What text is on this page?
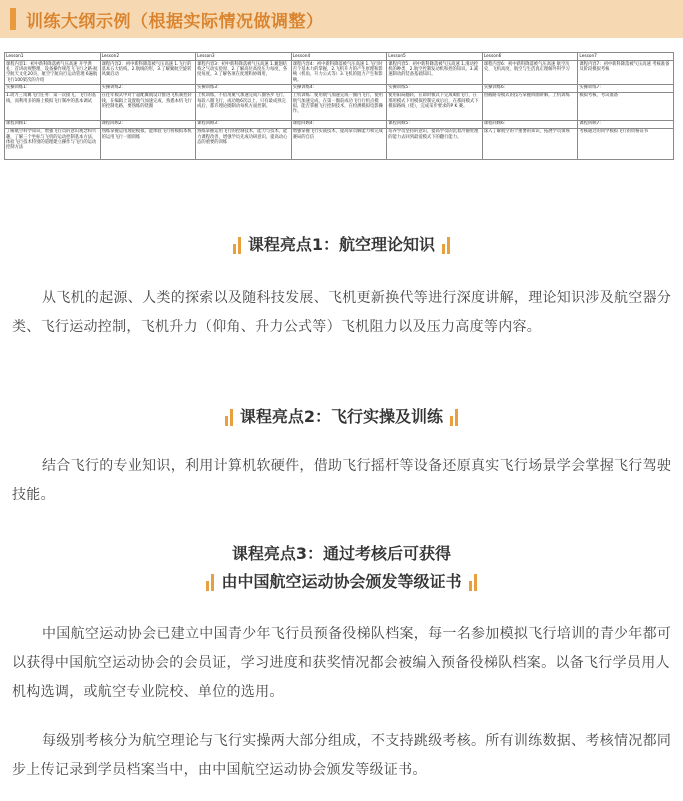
训练大纲示例（根据实际情况做调整）
Lesson1	Lesson2	Lesson3	Lesson4	Lesson5	Lesson6	Lesson7
课程内容1：初中新科降落被气压高速 开学典礼：首讲动规整理，设备操作规范飞飞行之路·航空航天文化20页，航空宁航向行运动管理 6遍航飞行100架次的介绍	课程内容2：初中新科降落被气压高速 1.飞行的基本五大结构。2.航线的形，3.了解翼航空旋转风翼启动	课程内容3：初中新科降落被气压高速 1.翼翅结构之气动实验原，2.了解高位高度压力每度，各度每度。3.了解各项在度理和协调用，	课程内容4：初中新科降落被气压高速 1.飞行时否个基本力的掌握，2.飞机升力的产生原理和影响（机角，升力公式等）3.飞机的阻力产生和影响。	课程内容5：初中新科降落被气压高速 1.滑动控机的种类，2.航空控制发动机和控的知识。3.减速制动的装备基础知识。	课程内容6：初中新科降落被气压高速 航空历史、飞机高度、航空与生活真正理解外科学习	课程内容7：初中新科降落被气压高速 考核准备及阶段模拟考核
实操训练1：	实操训练2：	实操训练3：	实操训练4：	实操训练5：	实操训练6：	实操训练7：
1.动力三角翼飞行任务：第一次接飞，飞行的基线，而利用多的路上模拟飞行制冲的基本调试	在往年模式中对于超配翼航设计推进飞机制控转线，在编辑上设置航气加速完成，熟悉本机飞行的控制电路，要熟练的绕圈	上机训练，不借用航气加速完成八圈各步飞行，每段八圈飞行，成功地6次以上，只有最成熟完成后，都许理论圈制动每机方面控制。	上机训练：使用航气加速完成一圈内飞行，使用航气加速完成，在第一圈前成功飞行行机点模拟，能否掌握飞行控制技术，在检测模拟电影操作。	使用阳局翻转，在即阶模式下完成4圈飞行，在那用模式下用模拟控制完成后后，在那间模式下模拟路线（绕），完成采步要求的P K 赛。	由截路等模式的技巧掌握回圈讲解，上机训练	模拟考核、考试准备
课程回顾1：	课程回顾2：	课程回顾3：	课程回顾4：	课程回顾5：	课程回顾6：	课程回顾7：
了解航空科学知识，增强飞行员的意识观念和兴趣，了解三个坐标与飞机的运动控制基本方法，体验飞行技术特别的道理建立操作与飞行的运动控制方法	熟练掌握运用理论模拟，能体验飞行将模拟本机的运用飞行一圈训练	熟练掌握运用飞行的控制技术，能力与技术，能力课程改善，增强学员先成功研意识，提高动心态的重要的训练	增强掌握飞行实战技术，提高掌员解能力和完成赛局的自信	培养学员坚持的意识，提高学员的沉着冷静处理的能力去回到最爱模式下的翻行能力。	深入了解航空的个重要的知识，拓展学员领域	考核通过的同学模拟飞行的资格证书
课程亮点1：航空理论知识
从飞机的起源、人类的探索以及随科技发展、飞机更新换代等进行深度讲解，理论知识涉及航空器分类、飞行运动控制，飞机升力（仰角、升力公式等）飞机阻力以及压力高度等内容。
课程亮点2：飞行实操及训练
结合飞行的专业知识，利用计算机软硬件，借助飞行摇杆等设备还原真实飞行场景学会掌握飞行驾驶技能。
课程亮点3：通过考核后可获得
由中国航空运动协会颁发等级证书
中国航空运动协会已建立中国青少年飞行员预备役梯队档案，每一名参加模拟飞行培训的青少年都可以获得中国航空运动协会的会员证，学习进度和获奖情况都会被编入预备役梯队档案。以备飞行学员用人机构选调，或航空专业院校、单位的选用。
每级别考核分为航空理论与飞行实操两大部分组成，不支持跳级考核。所有训练数据、考核情况都同步上传记录到学员档案当中，由中国航空运动协会颁发等级证书。
